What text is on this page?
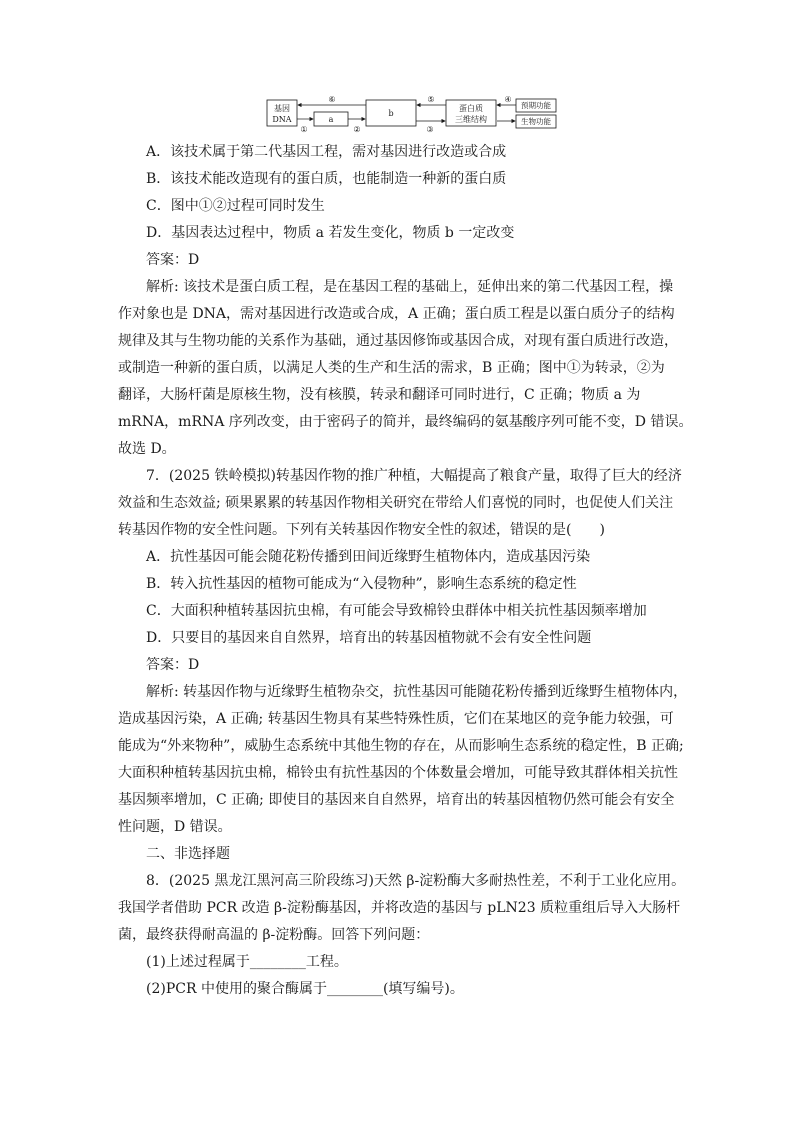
基因
DNA	a
b
蛋白质
三维结构
预期功能
生物功能
⑥
①	②
⑤
③
④
A．该技术属于第二代基因工程，需对基因进行改造或合成
B．该技术能改造现有的蛋白质，也能制造一种新的蛋白质
C．图中①②过程可同时发生
D．基因表达过程中，物质 a 若发生变化，物质 b 一定改变
答案：D
解析: 该技术是蛋白质工程，是在基因工程的基础上，延伸出来的第二代基因工程，操
作对象也是 DNA，需对基因进行改造或合成，A 正确；蛋白质工程是以蛋白质分子的结构
规律及其与生物功能的关系作为基础，通过基因修饰或基因合成，对现有蛋白质进行改造，
或制造一种新的蛋白质，以满足人类的生产和生活的需求，B 正确；图中①为转录，②为
翻译，大肠杆菌是原核生物，没有核膜，转录和翻译可同时进行，C 正确；物质 a 为
mRNA，mRNA 序列改变，由于密码子的简并，最终编码的氨基酸序列可能不变，D 错误。
故选 D。
7．(2025 铁岭模拟)转基因作物的推广种植，大幅提高了粮食产量，取得了巨大的经济
效益和生态效益; 硕果累累的转基因作物相关研究在带给人们喜悦的同时，也促使人们关注
转基因作物的安全性问题。下列有关转基因作物安全性的叙述，错误的是(　　)
A．抗性基因可能会随花粉传播到田间近缘野生植物体内，造成基因污染
B．转入抗性基因的植物可能成为“入侵物种”，影响生态系统的稳定性
C．大面积种植转基因抗虫棉，有可能会导致棉铃虫群体中相关抗性基因频率增加
D．只要目的基因来自自然界，培育出的转基因植物就不会有安全性问题
答案：D
解析: 转基因作物与近缘野生植物杂交，抗性基因可能随花粉传播到近缘野生植物体内，
造成基因污染，A 正确; 转基因生物具有某些特殊性质，它们在某地区的竞争能力较强，可
能成为“外来物种”，威胁生态系统中其他生物的存在，从而影响生态系统的稳定性，B 正确;
大面积种植转基因抗虫棉，棉铃虫有抗性基因的个体数量会增加，可能导致其群体相关抗性
基因频率增加，C 正确; 即使目的基因来自自然界，培育出的转基因植物仍然可能会有安全
性问题，D 错误。
二、非选择题
8．(2025 黑龙江黑河高三阶段练习)天然 β-淀粉酶大多耐热性差，不利于工业化应用。
我国学者借助 PCR 改造 β-淀粉酶基因，并将改造的基因与 pLN23 质粒重组后导入大肠杆
菌，最终获得耐高温的 β-淀粉酶。回答下列问题：
(1)上述过程属于________工程。
(2)PCR 中使用的聚合酶属于________(填写编号)。
